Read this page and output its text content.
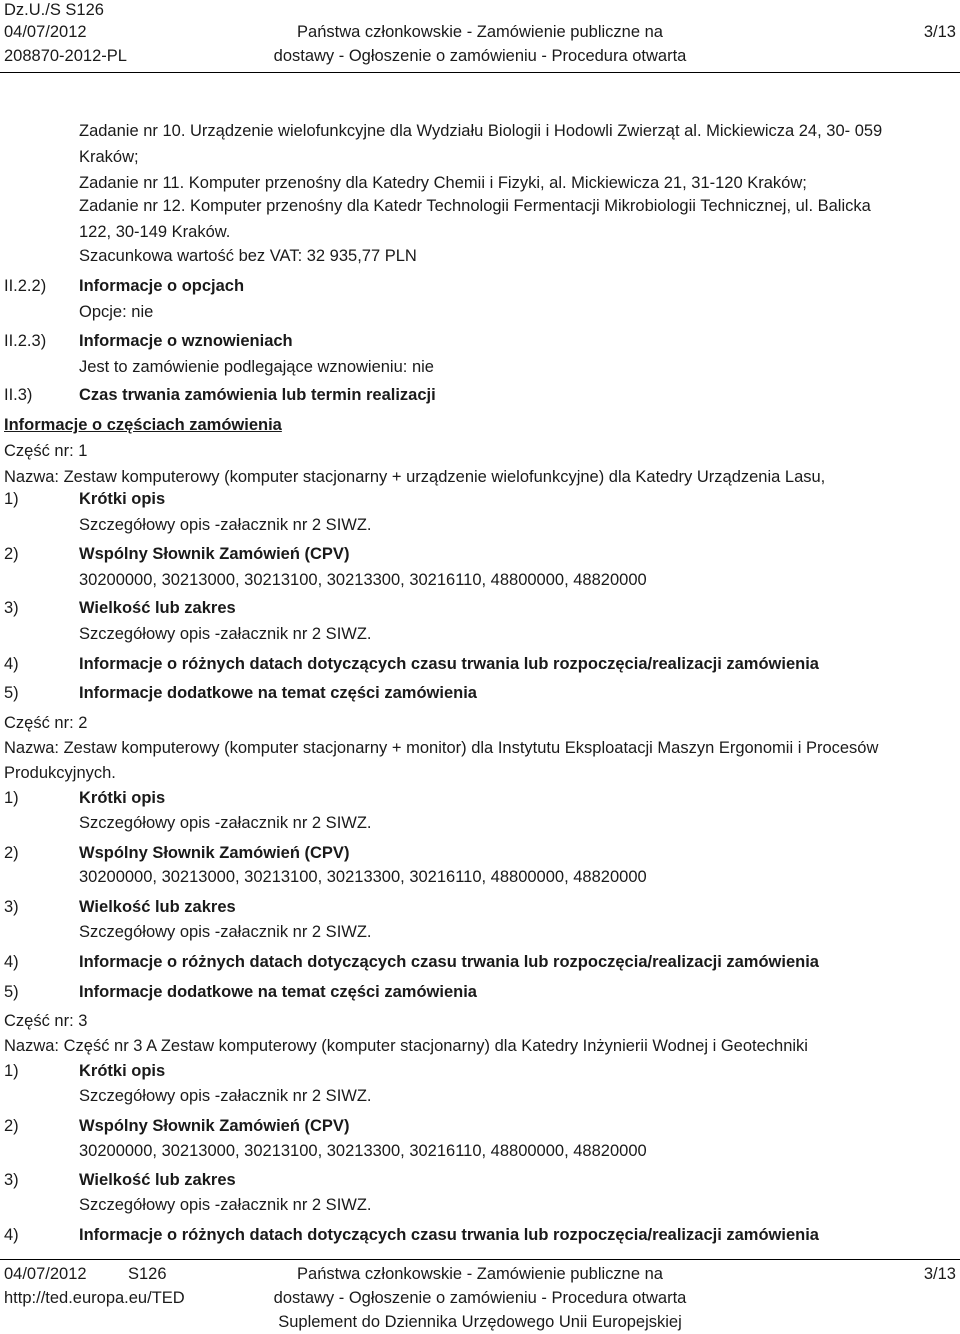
Dz.U./S S126
04/07/2012
208870-2012-PL
Państwa członkowskie - Zamówienie publiczne na
dostawy - Ogłoszenie o zamówieniu - Procedura otwarta
3/13
Zadanie nr 10. Urządzenie wielofunkcyjne dla Wydziału Biologii i Hodowli Zwierząt al. Mickiewicza 24, 30- 059
Kraków;
Zadanie nr 11. Komputer przenośny dla Katedry Chemii i Fizyki, al. Mickiewicza 21, 31-120 Kraków;
Zadanie nr 12. Komputer przenośny dla Katedr Technologii Fermentacji Mikrobiologii Technicznej, ul. Balicka
122, 30-149 Kraków.
Szacunkowa wartość bez VAT: 32 935,77 PLN
II.2.2) Informacje o opcjach
Opcje: nie
II.2.3) Informacje o wznowieniach
Jest to zamówienie podlegające wznowieniu: nie
II.3)	Czas trwania zamówienia lub termin realizacji
Informacje o częściach zamówienia
Część nr: 1
Nazwa: Zestaw komputerowy (komputer stacjonarny + urządzenie wielofunkcyjne) dla Katedry Urządzenia Lasu,
1)	Krótki opis
Szczegółowy opis -załacznik nr 2 SIWZ.
2)	Wspólny Słownik Zamówień (CPV)
30200000, 30213000, 30213100, 30213300, 30216110, 48800000, 48820000
3)	Wielkość lub zakres
Szczegółowy opis -załacznik nr 2 SIWZ.
4)	Informacje o różnych datach dotyczących czasu trwania lub rozpoczęcia/realizacji zamówienia
5)	Informacje dodatkowe na temat części zamówienia
Część nr: 2
Nazwa: Zestaw komputerowy (komputer stacjonarny + monitor) dla Instytutu Eksploatacji Maszyn Ergonomii i Procesów
Produkcyjnych.
1)	Krótki opis
Szczegółowy opis -załacznik nr 2 SIWZ.
2)	Wspólny Słownik Zamówień (CPV)
30200000, 30213000, 30213100, 30213300, 30216110, 48800000, 48820000
3)	Wielkość lub zakres
Szczegółowy opis -załacznik nr 2 SIWZ.
4)	Informacje o różnych datach dotyczących czasu trwania lub rozpoczęcia/realizacji zamówienia
5)	Informacje dodatkowe na temat części zamówienia
Część nr: 3
Nazwa: Część nr 3 A Zestaw komputerowy (komputer stacjonarny) dla Katedry Inżynierii Wodnej i Geotechniki
1)	Krótki opis
Szczegółowy opis -załacznik nr 2 SIWZ.
2)	Wspólny Słownik Zamówień (CPV)
30200000, 30213000, 30213100, 30213300, 30216110, 48800000, 48820000
3)	Wielkość lub zakres
Szczegółowy opis -załacznik nr 2 SIWZ.
4)	Informacje o różnych datach dotyczących czasu trwania lub rozpoczęcia/realizacji zamówienia
04/07/2012	S126
http://ted.europa.eu/TED
Państwa członkowskie - Zamówienie publiczne na
dostawy - Ogłoszenie o zamówieniu - Procedura otwarta
Suplement do Dziennika Urzędowego Unii Europejskiej
3/13
